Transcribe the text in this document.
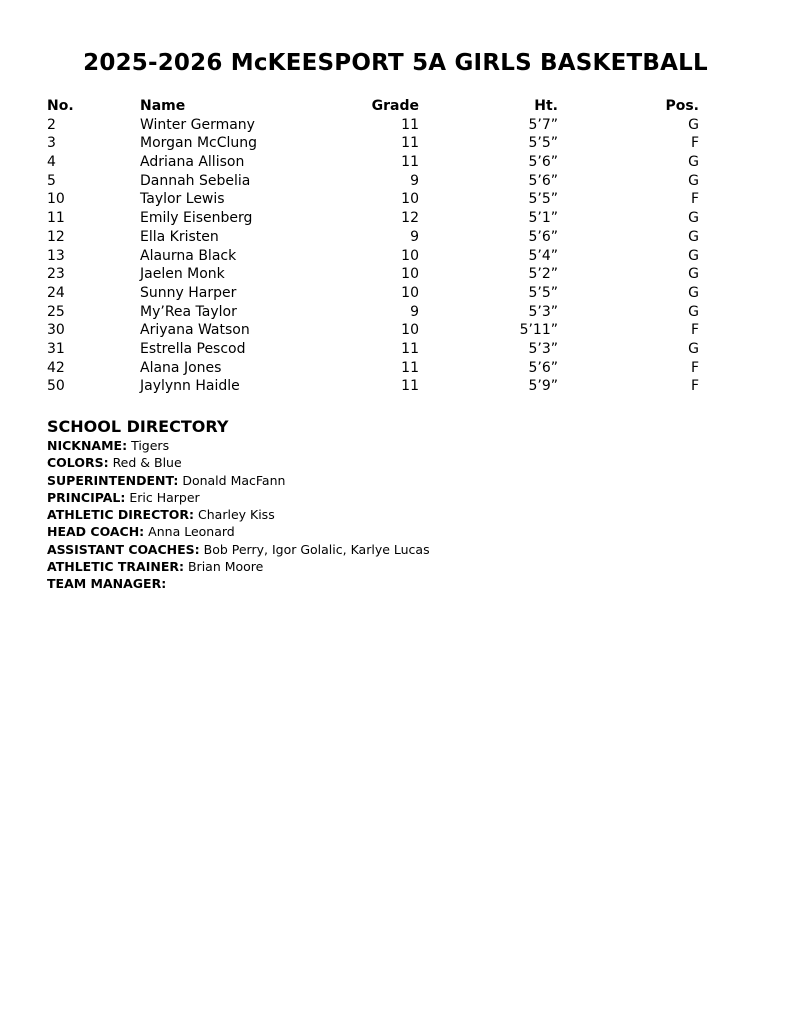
2025-2026 McKEESPORT 5A GIRLS BASKETBALL
No.	Name	Grade	Ht.	Pos.
2	Winter Germany	11	5’7”	G
3	Morgan McClung	11	5’5”	F
4	Adriana Allison	11	5’6”	G
5	Dannah Sebelia	9	5’6”	G
10	Taylor Lewis	10	5’5”	F
11	Emily Eisenberg	12	5’1”	G
12	Ella Kristen	9	5’6”	G
13	Alaurna Black	10	5’4”	G
23	Jaelen Monk	10	5’2”	G
24	Sunny Harper	10	5’5”	G
25	My’Rea Taylor	9	5’3”	G
30	Ariyana Watson	10	5’11”	F
31	Estrella Pescod	11	5’3”	G
42	Alana Jones	11	5’6”	F
50	Jaylynn Haidle	11	5’9”	F
SCHOOL DIRECTORY
NICKNAME: Tigers
COLORS: Red & Blue
SUPERINTENDENT: Donald MacFann
PRINCIPAL: Eric Harper
ATHLETIC DIRECTOR: Charley Kiss
HEAD COACH: Anna Leonard
ASSISTANT COACHES: Bob Perry, Igor Golalic, Karlye Lucas
ATHLETIC TRAINER: Brian Moore
TEAM MANAGER:
